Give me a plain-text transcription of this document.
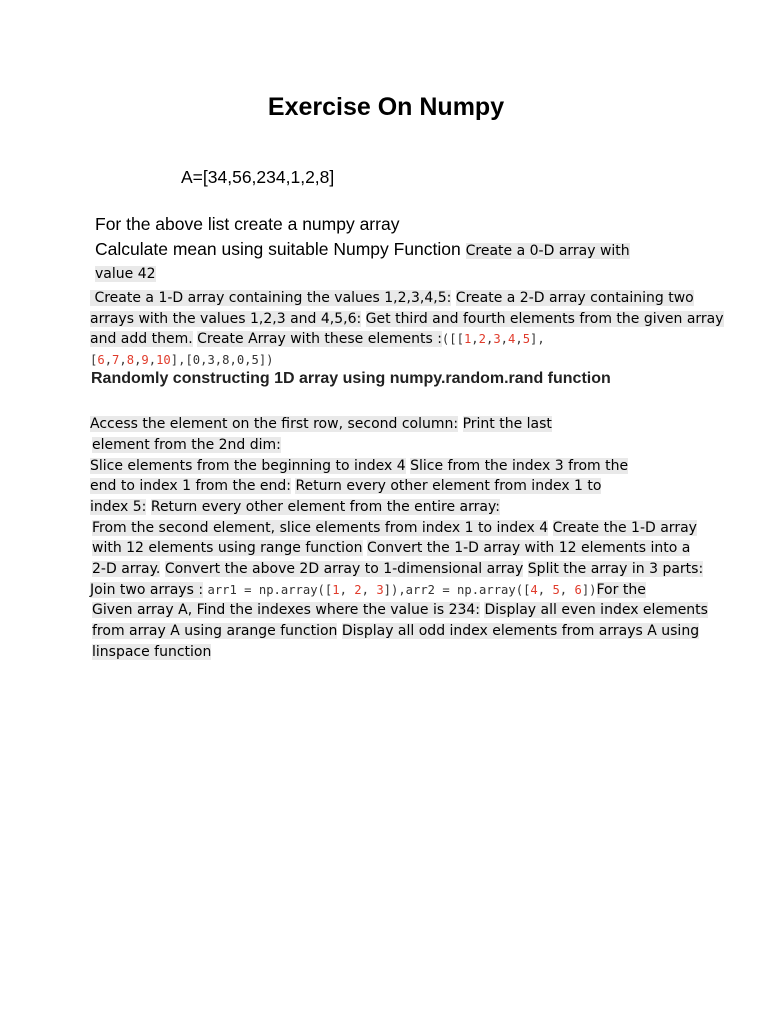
Exercise On Numpy
A=[34,56,234,1,2,8]
For the above list create a numpy array
Calculate mean using suitable Numpy Function Create a 0-D array with
value 42
Create a 1-D array containing the values 1,2,3,4,5: Create a 2-D array containing two
arrays with the values 1,2,3 and 4,5,6: Get third and fourth elements from the given array
and add them. Create Array with these elements :([[1,2,3,4,5],
[6,7,8,9,10],[0,3,8,0,5])
Randomly constructing 1D array using numpy.random.rand function
Access the element on the first row, second column: Print the last
element from the 2nd dim:
Slice elements from the beginning to index 4 Slice from the index 3 from the
end to index 1 from the end: Return every other element from index 1 to
index 5: Return every other element from the entire array:
From the second element, slice elements from index 1 to index 4 Create the 1-D array
with 12 elements using range function Convert the 1-D array with 12 elements into a
2-D array. Convert the above 2D array to 1-dimensional array Split the array in 3 parts:
Join two arrays : arr1 = np.array([1, 2, 3]),arr2 = np.array([4, 5, 6])For the
Given array A, Find the indexes where the value is 234: Display all even index elements
from array A using arange function Display all odd index elements from arrays A using
linspace function
